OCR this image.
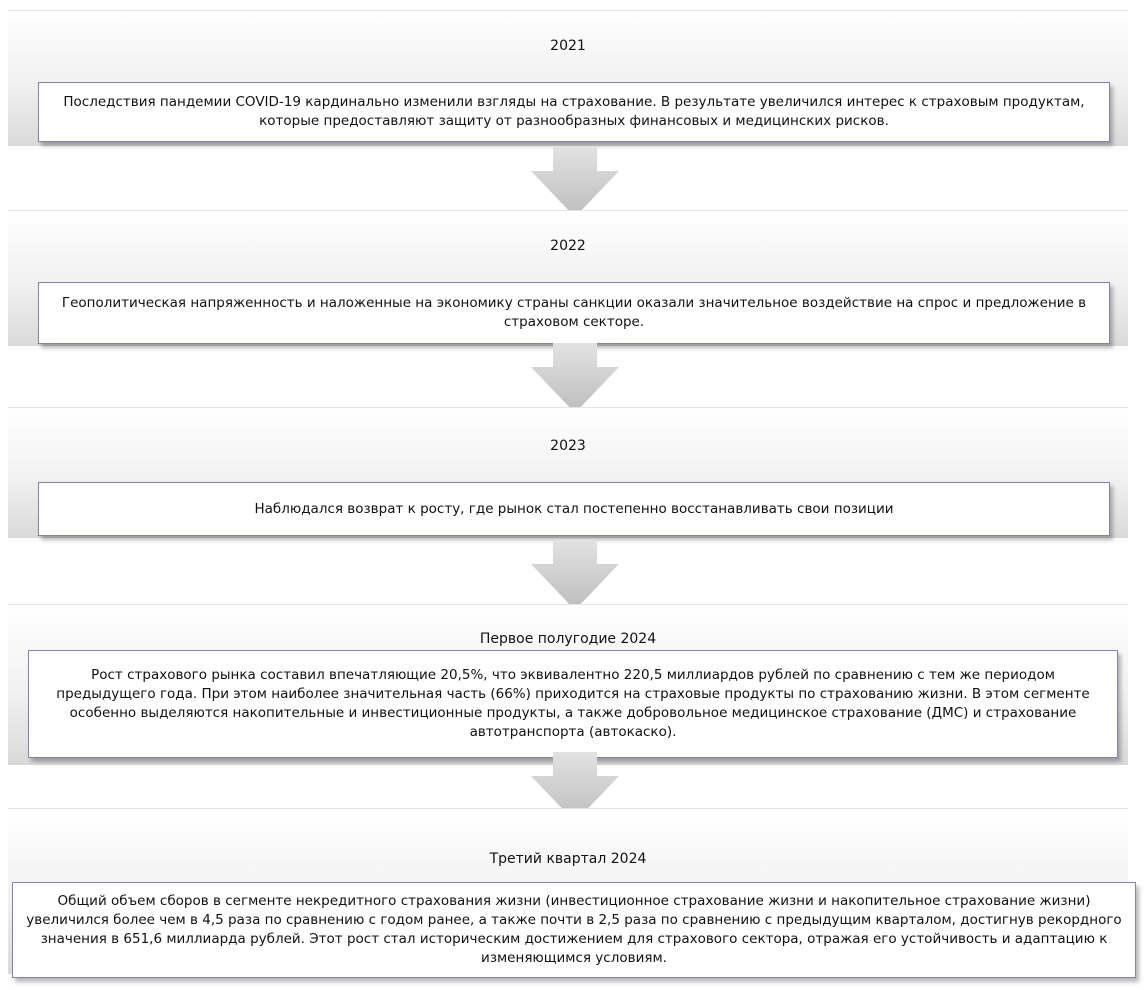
2021
Последствия пандемии COVID-19 кардинально изменили взгляды на страхование. В результате увеличился интерес к страховым продуктам, которые предоставляют защиту от разнообразных финансовых и медицинских рисков.
2022
Геополитическая напряженность и наложенные на экономику страны санкции оказали значительное воздействие на спрос и предложение в страховом секторе.
2023
Наблюдался возврат к росту, где рынок стал постепенно восстанавливать свои позиции
Первое полугодие 2024
Рост страхового рынка составил впечатляющие 20,5%, что эквивалентно 220,5 миллиардов рублей по сравнению с тем же периодом предыдущего года. При этом наиболее значительная часть (66%) приходится на страховые продукты по страхованию жизни. В этом сегменте особенно выделяются накопительные и инвестиционные продукты, а также добровольное медицинское страхование (ДМС) и страхование автотранспорта (автокаско).
Третий квартал 2024
Общий объем сборов в сегменте некредитного страхования жизни (инвестиционное страхование жизни и накопительное страхование жизни) увеличился более чем в 4,5 раза по сравнению с годом ранее, а также почти в 2,5 раза по сравнению с предыдущим кварталом, достигнув рекордного значения в 651,6 миллиарда рублей. Этот рост стал историческим достижением для страхового сектора, отражая его устойчивость и адаптацию к изменяющимся условиям.
